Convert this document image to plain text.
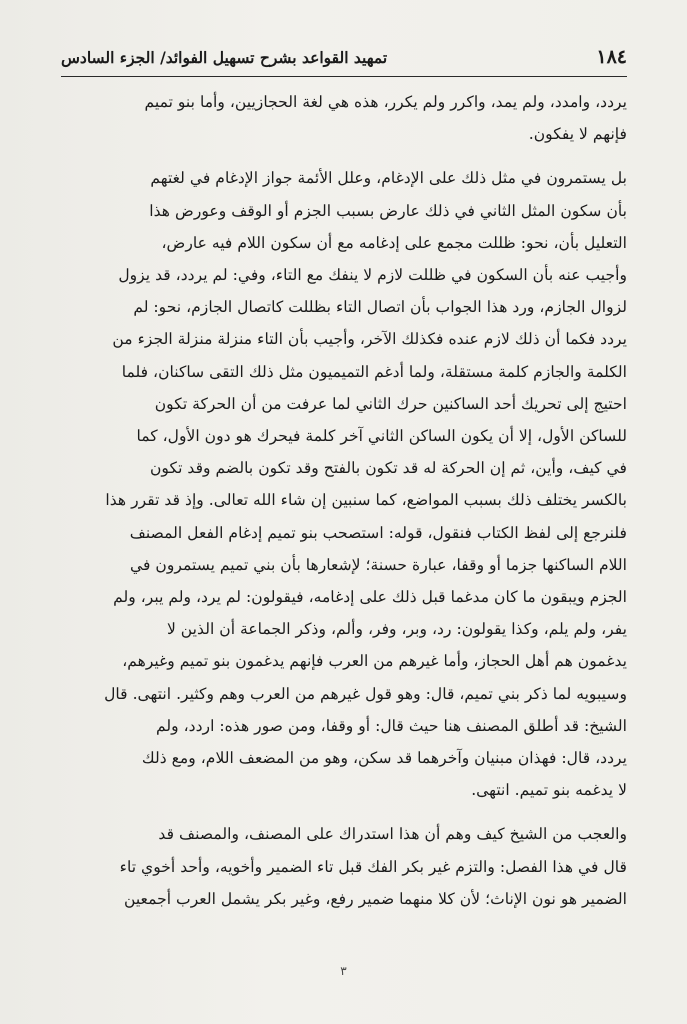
١٨٤
تمهيد القواعد بشرح تسهيل الفوائد/ الجزء السادس

يردد، وامدد، ولم يمد، واكرر ولم يكرر، هذه هي لغة الحجازيين، وأما بنو تميم
فإنهم لا يفكون.

بل يستمرون في مثل ذلك على الإدغام، وعلل الأئمة جواز الإدغام في لغتهم
بأن سكون المثل الثاني في ذلك عارض بسبب الجزم أو الوقف وعورض هذا
التعليل بأن، نحو: ظللت مجمع على إدغامه مع أن سكون اللام فيه عارض،
وأجيب عنه بأن السكون في ظللت لازم لا ينفك مع التاء، وفي: لم يردد، قد يزول
لزوال الجازم، ورد هذا الجواب بأن اتصال التاء بظللت كاتصال الجازم، نحو: لم
يردد فكما أن ذلك لازم عنده فكذلك الآخر، وأجيب بأن التاء منزلة منزلة الجزء من
الكلمة والجازم كلمة مستقلة، ولما أدغم التميميون مثل ذلك التقى ساكنان، فلما
احتيج إلى تحريك أحد الساكنين حرك الثاني لما عرفت من أن الحركة تكون
للساكن الأول، إلا أن يكون الساكن الثاني آخر كلمة فيحرك هو دون الأول، كما
في كيف، وأين، ثم إن الحركة له قد تكون بالفتح وقد تكون بالضم وقد تكون
بالكسر يختلف ذلك بسبب المواضع، كما سنبين إن شاء الله تعالى. وإذ قد تقرر هذا
فلنرجع إلى لفظ الكتاب فنقول، قوله: استصحب بنو تميم إدغام الفعل المصنف
اللام الساكنها جزما أو وقفا، عبارة حسنة؛ لإشعارها بأن بني تميم يستمرون في
الجزم ويبقون ما كان مدغما قبل ذلك على إدغامه، فيقولون: لم يرد، ولم يبر، ولم
يفر، ولم يلم، وكذا يقولون: رد، وبر، وفر، وألم، وذكر الجماعة أن الذين لا
يدغمون هم أهل الحجاز، وأما غيرهم من العرب فإنهم يدغمون بنو تميم وغيرهم،
وسيبويه لما ذكر بني تميم، قال: وهو قول غيرهم من العرب وهم وكثير. انتهى. قال
الشيخ: قد أطلق المصنف هنا حيث قال: أو وقفا، ومن صور هذه: اردد، ولم
يردد، قال: فهذان مبنيان وآخرهما قد سكن، وهو من المضعف اللام، ومع ذلك
لا يدغمه بنو تميم. انتهى.

والعجب من الشيخ كيف وهم أن هذا استدراك على المصنف، والمصنف قد
قال في هذا الفصل: والتزم غير بكر الفك قبل تاء الضمير وأخويه، وأحد أخوي تاء
الضمير هو نون الإناث؛ لأن كلا منهما ضمير رفع، وغير بكر يشمل العرب أجمعين

٣
